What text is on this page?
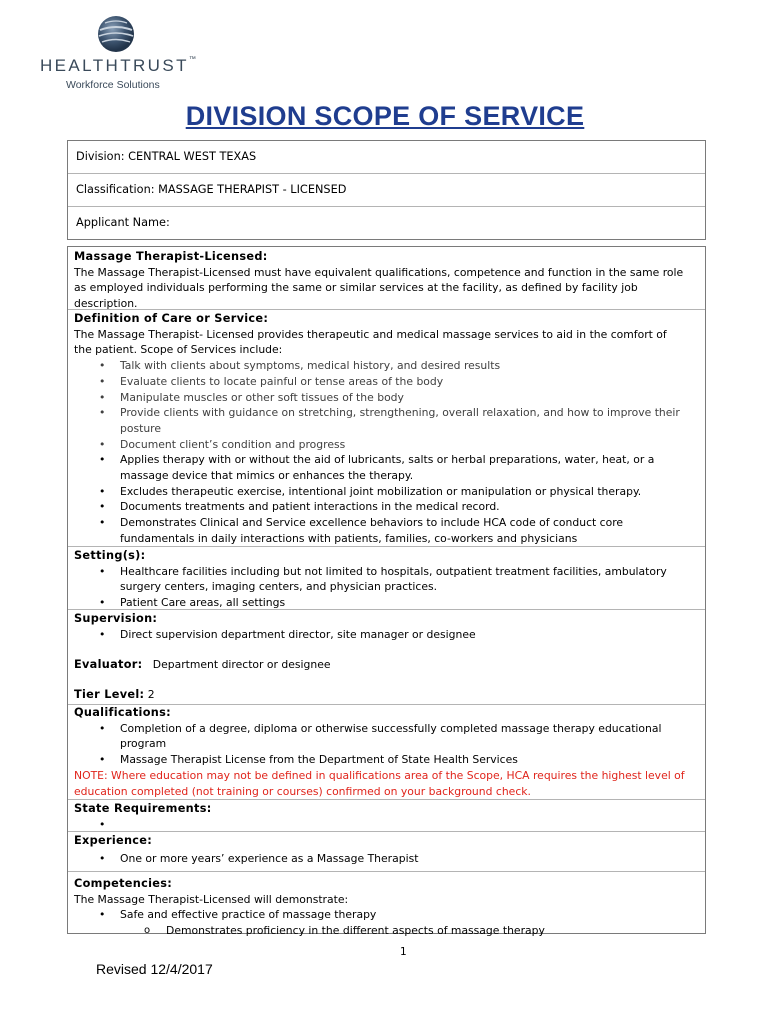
HEALTHTRUST™
Workforce Solutions
DIVISION SCOPE OF SERVICE
Division: CENTRAL WEST TEXAS
Classification: MASSAGE THERAPIST - LICENSED
Applicant Name:
Massage Therapist-Licensed:
The Massage Therapist-Licensed must have equivalent qualifications, competence and function in the same role
as employed individuals performing the same or similar services at the facility, as defined by facility job
description.
Definition of Care or Service:
The Massage Therapist- Licensed provides therapeutic and medical massage services to aid in the comfort of
the patient. Scope of Services include:
• Talk with clients about symptoms, medical history, and desired results
• Evaluate clients to locate painful or tense areas of the body
• Manipulate muscles or other soft tissues of the body
• Provide clients with guidance on stretching, strengthening, overall relaxation, and how to improve their
posture
• Document client’s condition and progress
• Applies therapy with or without the aid of lubricants, salts or herbal preparations, water, heat, or a
massage device that mimics or enhances the therapy.
• Excludes therapeutic exercise, intentional joint mobilization or manipulation or physical therapy.
• Documents treatments and patient interactions in the medical record.
• Demonstrates Clinical and Service excellence behaviors to include HCA code of conduct core
fundamentals in daily interactions with patients, families, co-workers and physicians
Setting(s):
• Healthcare facilities including but not limited to hospitals, outpatient treatment facilities, ambulatory
surgery centers, imaging centers, and physician practices.
• Patient Care areas, all settings
Supervision:
• Direct supervision department director, site manager or designee
Evaluator: Department director or designee
Tier Level: 2
Qualifications:
• Completion of a degree, diploma or otherwise successfully completed massage therapy educational
program
• Massage Therapist License from the Department of State Health Services
NOTE: Where education may not be defined in qualifications area of the Scope, HCA requires the highest level of
education completed (not training or courses) confirmed on your background check.
State Requirements:
•

Experience:
• One or more years’ experience as a Massage Therapist
Competencies:
The Massage Therapist-Licensed will demonstrate:
• Safe and effective practice of massage therapy
o Demonstrates proficiency in the different aspects of massage therapy
1
Revised 12/4/2017
